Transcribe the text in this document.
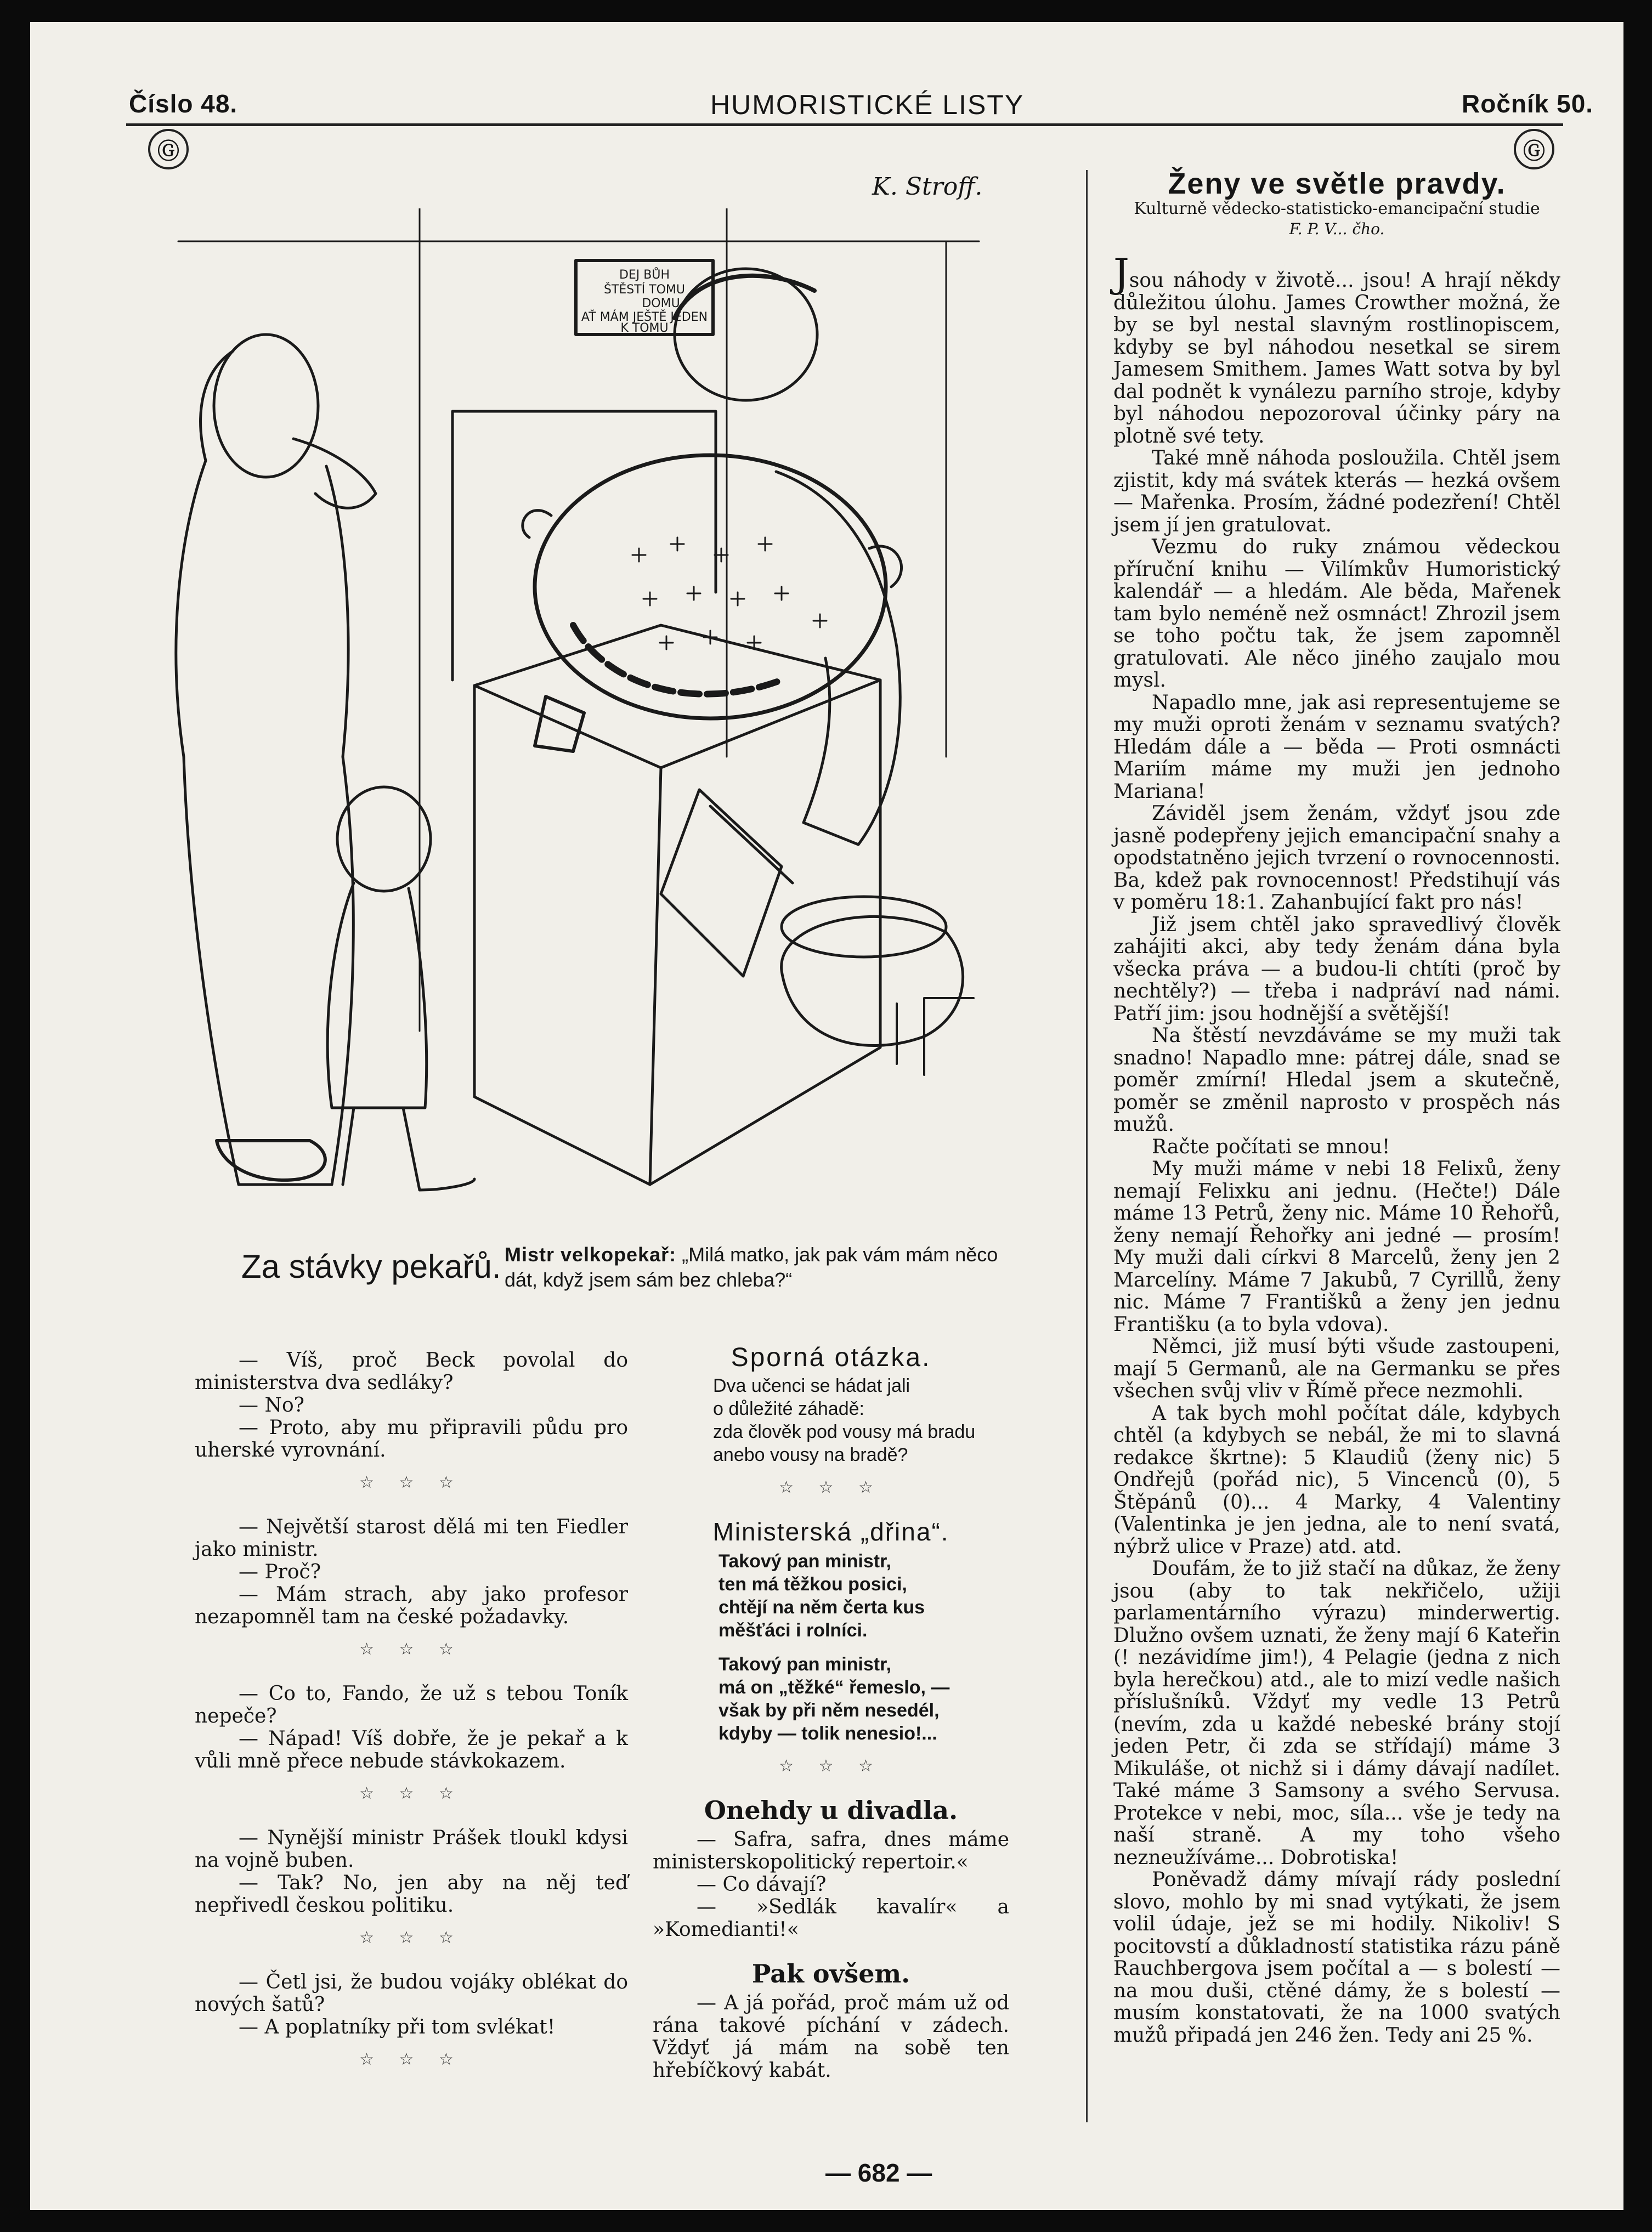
Číslo 48.	HUMORISTICKÉ LISTY	Ročník 50.
Ⓖ	Ⓖ
K. Stroff.
DEJ BŮH
ŠTĚSTÍ TOMU
DOMU
AŤ MÁM JEŠTĚ JEDEN
K TOMU
Za stávky pekařů. Mistr velkopekař: „Milá matko, jak pak vám mám něco dát, když jsem sám bez chleba?“

— Víš, proč Beck povolal do ministerstva dva sedláky?

— No?

— Proto, aby mu připravili půdu pro uherské vyrovnání.

☆ ☆ ☆

— Největší starost dělá mi ten Fiedler jako ministr.

— Proč?

— Mám strach, aby jako profesor nezapomněl tam na české požadavky.

☆ ☆ ☆

— Co to, Fando, že už s tebou Toník nepeče?

— Nápad! Víš dobře, že je pekař a k vůli mně přece nebude stávkokazem.

☆ ☆ ☆

— Nynější ministr Prášek tloukl kdysi na vojně buben.

— Tak? No, jen aby na něj teď nepřivedl českou politiku.

☆ ☆ ☆

— Četl jsi, že budou vojáky oblékat do nových šatů?

— A poplatníky při tom svlékat!

☆ ☆ ☆
Sporná otázka.
Dva učenci se hádat jali
o důležité záhadě:
zda člověk pod vousy má bradu
anebo vousy na bradě?
☆ ☆ ☆
Ministerská „dřina“.
Takový pan ministr,
ten má těžkou posici,
chtějí na něm čerta kus
měšťáci i rolníci.
Takový pan ministr,
má on „těžké“ řemeslo, —
však by při něm nesedél,
kdyby — tolik nenesio!...
☆ ☆ ☆
Onehdy u divadla.

— Safra, safra, dnes máme ministerskopolitický repertoir.«

— Co dávají?

— »Sedlák kavalír« a »Komedianti!«

Pak ovšem.

— A já pořád, proč mám už od rána takové píchání v zádech. Vždyť já mám na sobě ten hřebíčkový kabát.

Ženy ve světle pravdy.
Kulturně vědecko-statisticko-emancipační studie
F. P. V... čho.

Jsou náhody v životě... jsou! A hrají někdy důležitou úlohu. James Crowther možná, že by se byl nestal slavným rostlinopiscem, kdyby se byl náhodou nesetkal se sirem Jamesem Smithem. James Watt sotva by byl dal podnět k vynálezu parního stroje, kdyby byl náhodou nepozoroval účinky páry na plotně své tety.

Také mně náhoda posloužila. Chtěl jsem zjistit, kdy má svátek kterás — hezká ovšem — Mařenka. Prosím, žádné podezření! Chtěl jsem jí jen gratulovat.

Vezmu do ruky známou vědeckou příruční knihu — Vilímkův Humoristický kalendář — a hledám. Ale běda, Mařenek tam bylo neméně než osmnáct! Zhrozil jsem se toho počtu tak, že jsem zapomněl gratulovati. Ale něco jiného zaujalo mou mysl.

Napadlo mne, jak asi representujeme se my muži oproti ženám v seznamu svatých? Hledám dále a — běda — Proti osmnácti Mariím máme my muži jen jednoho Mariana!

Záviděl jsem ženám, vždyť jsou zde jasně podepřeny jejich emancipační snahy a opodstatněno jejich tvrzení o rovnocennosti. Ba, kdež pak rovnocennost! Předstihují vás v poměru 18:1. Zahanbující fakt pro nás!

Již jsem chtěl jako spravedlivý člověk zahájiti akci, aby tedy ženám dána byla všecka práva — a budou-li chtíti (proč by nechtěly?) — třeba i nadpráví nad námi. Patří jim: jsou hodnější a světější!

Na štěstí nevzdáváme se my muži tak snadno! Napadlo mne: pátrej dále, snad se poměr zmírní! Hledal jsem a skutečně, poměr se změnil naprosto v prospěch nás mužů.

Račte počítati se mnou!

My muži máme v nebi 18 Felixů, ženy nemají Felixku ani jednu. (Hečte!) Dále máme 13 Petrů, ženy nic. Máme 10 Řehořů, ženy nemají Řehořky ani jedné — prosím! My muži dali církvi 8 Marcelů, ženy jen 2 Marcelíny. Máme 7 Jakubů, 7 Cyrillů, ženy nic. Máme 7 Františků a ženy jen jednu Františku (a to byla vdova).

Němci, již musí býti všude zastoupeni, mají 5 Germanů, ale na Germanku se přes všechen svůj vliv v Římě přece nezmohli.

A tak bych mohl počítat dále, kdybych chtěl (a kdybych se nebál, že mi to slavná redakce škrtne): 5 Klaudiů (ženy nic) 5 Ondřejů (pořád nic), 5 Vincenců (0), 5 Štěpánů (0)... 4 Marky, 4 Valentiny (Valentinka je jen jedna, ale to není svatá, nýbrž ulice v Praze) atd. atd.

Doufám, že to již stačí na důkaz, že ženy jsou (aby to tak nekřičelo, užiji parlamentárního výrazu) minderwertig. Dlužno ovšem uznati, že ženy mají 6 Kateřin (! nezávidíme jim!), 4 Pelagie (jedna z nich byla herečkou) atd., ale to mizí vedle našich příslušníků. Vždyť my vedle 13 Petrů (nevím, zda u každé nebeské brány stojí jeden Petr, či zda se střídají) máme 3 Mikuláše, ot nichž si i dámy dávají nadílet. Také máme 3 Samsony a svého Servusa. Protekce v nebi, moc, síla... vše je tedy na naší straně. A my toho všeho nezneužíváme... Dobrotiska!

Poněvadž dámy mívají rády poslední slovo, mohlo by mi snad vytýkati, že jsem volil údaje, jež se mi hodily. Nikoliv! S pocitovstí a důkladností statistika rázu páně Rauchbergova jsem počítal a — s bolestí — na mou duši, ctěné dámy, že s bolestí — musím konstatovati, že na 1000 svatých mužů připadá jen 246 žen. Tedy ani 25 %.

— 682 —
